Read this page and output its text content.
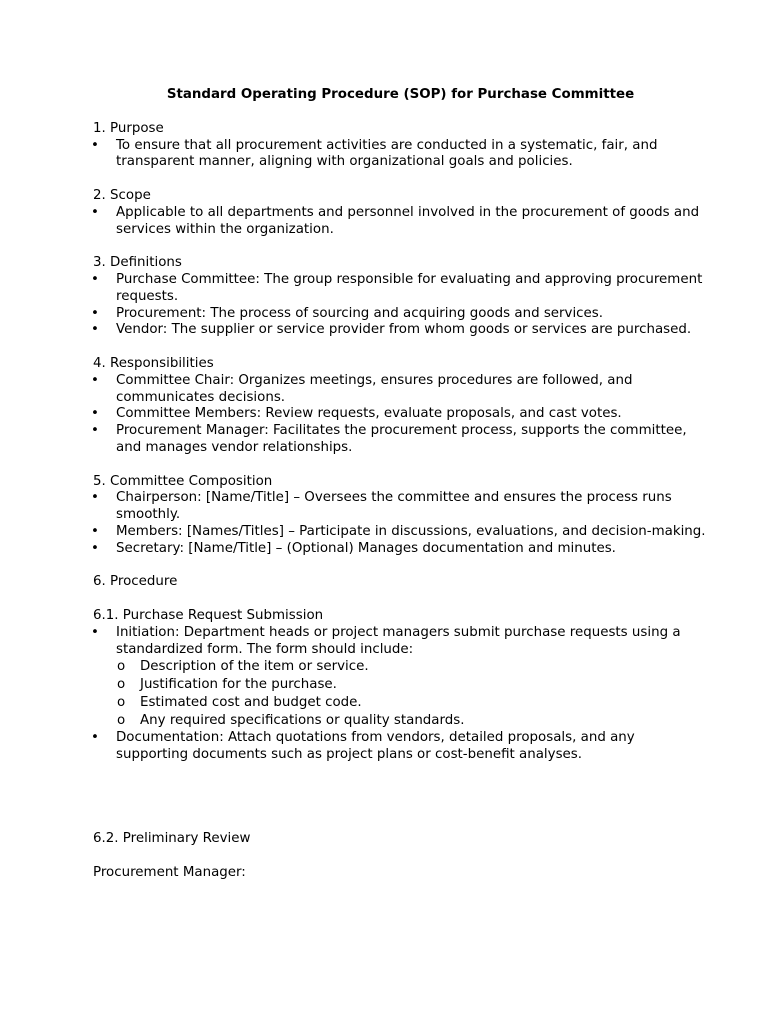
Standard Operating Procedure (SOP) for Purchase Committee
1. Purpose
• To ensure that all procurement activities are conducted in a systematic, fair, and transparent manner, aligning with organizational goals and policies.
2. Scope
• Applicable to all departments and personnel involved in the procurement of goods and services within the organization.
3. Definitions
• Purchase Committee: The group responsible for evaluating and approving procurement requests.
• Procurement: The process of sourcing and acquiring goods and services.
• Vendor: The supplier or service provider from whom goods or services are purchased.
4. Responsibilities
• Committee Chair: Organizes meetings, ensures procedures are followed, and communicates decisions.
• Committee Members: Review requests, evaluate proposals, and cast votes.
• Procurement Manager: Facilitates the procurement process, supports the committee, and manages vendor relationships.
5. Committee Composition
• Chairperson: [Name/Title] – Oversees the committee and ensures the process runs smoothly.
• Members: [Names/Titles] – Participate in discussions, evaluations, and decision-making.
• Secretary: [Name/Title] – (Optional) Manages documentation and minutes.
6. Procedure
6.1. Purchase Request Submission
• Initiation: Department heads or project managers submit purchase requests using a standardized form. The form should include:
o Description of the item or service.
o Justification for the purchase.
o Estimated cost and budget code.
o Any required specifications or quality standards.
• Documentation: Attach quotations from vendors, detailed proposals, and any supporting documents such as project plans or cost-benefit analyses.
6.2. Preliminary Review
Procurement Manager:
